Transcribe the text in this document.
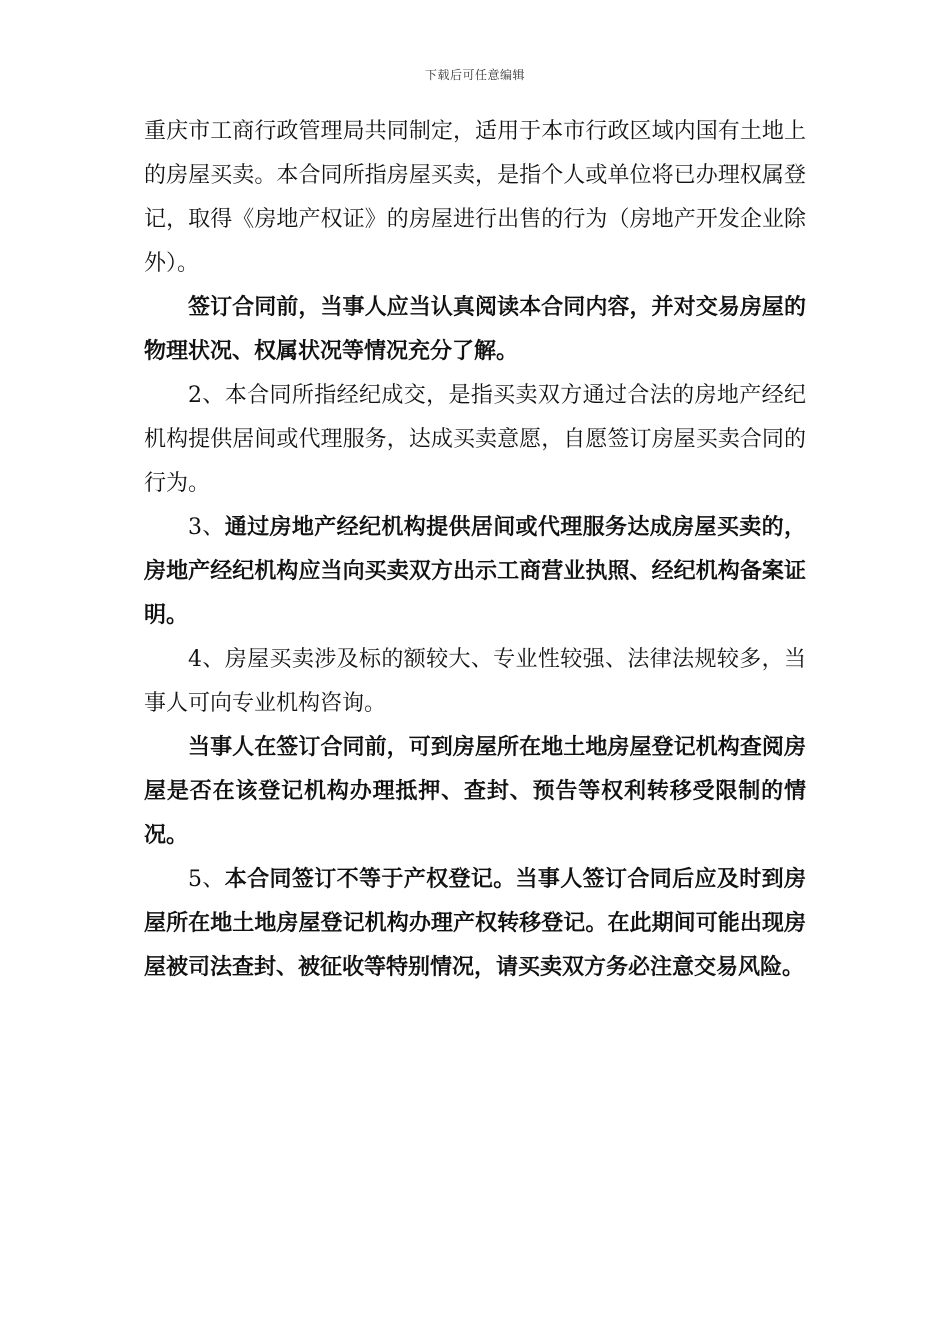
下载后可任意编辑

重庆市工商行政管理局共同制定，适用于本市行政区域内国有土地上的房屋买卖。本合同所指房屋买卖，是指个人或单位将已办理权属登记，取得《房地产权证》的房屋进行出售的行为（房地产开发企业除外）。

签订合同前，当事人应当认真阅读本合同内容，并对交易房屋的物理状况、权属状况等情况充分了解。

2、本合同所指经纪成交，是指买卖双方通过合法的房地产经纪机构提供居间或代理服务，达成买卖意愿，自愿签订房屋买卖合同的行为。

3、通过房地产经纪机构提供居间或代理服务达成房屋买卖的，房地产经纪机构应当向买卖双方出示工商营业执照、经纪机构备案证明。

4、房屋买卖涉及标的额较大、专业性较强、法律法规较多，当事人可向专业机构咨询。

当事人在签订合同前，可到房屋所在地土地房屋登记机构查阅房屋是否在该登记机构办理抵押、查封、预告等权利转移受限制的情况。

5、本合同签订不等于产权登记。当事人签订合同后应及时到房屋所在地土地房屋登记机构办理产权转移登记。在此期间可能出现房屋被司法查封、被征收等特别情况，请买卖双方务必注意交易风险。
